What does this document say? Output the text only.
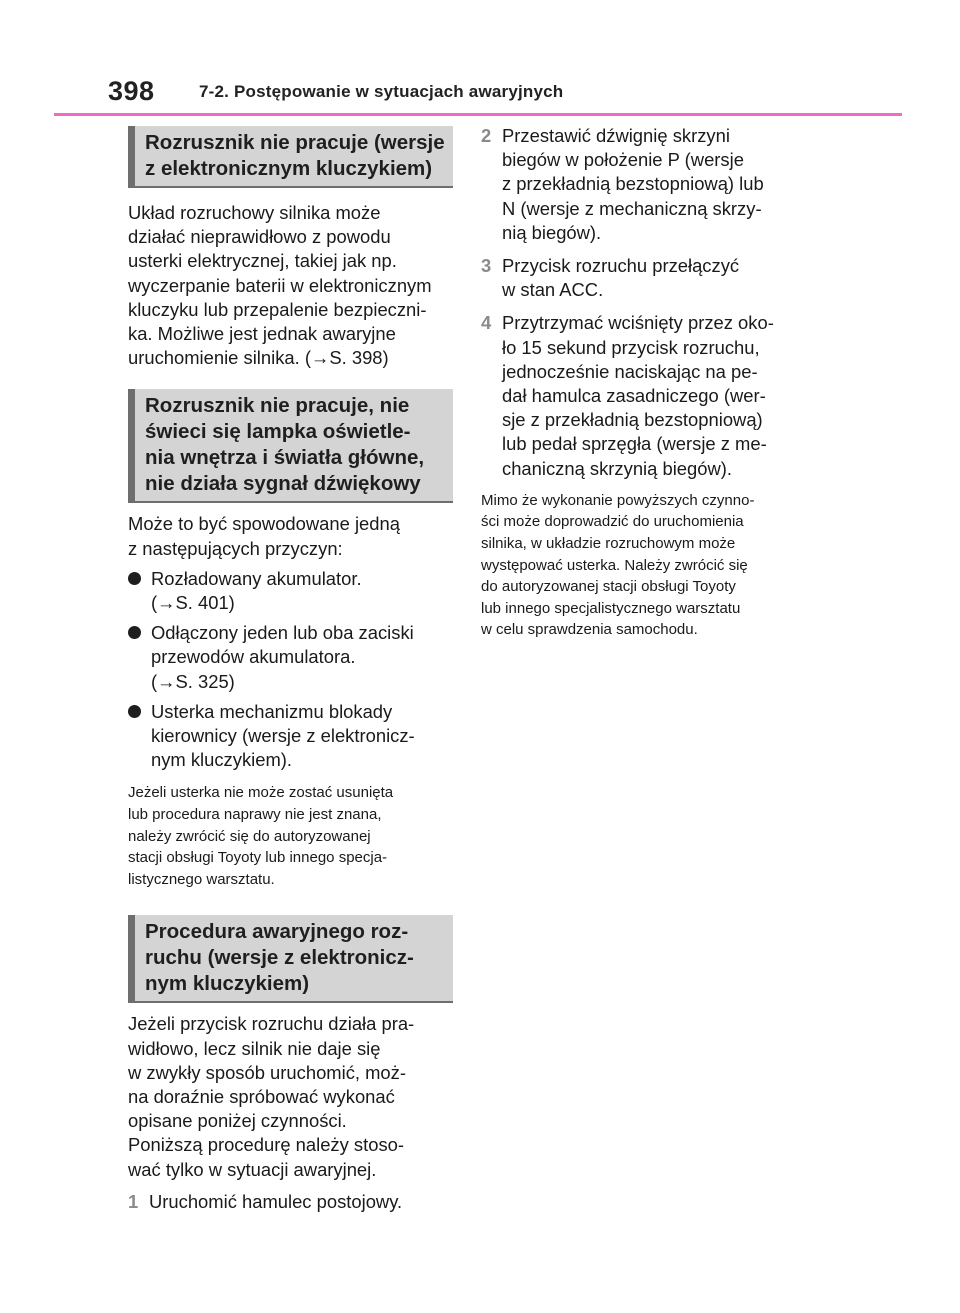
398	7-2. Postępowanie w sytuacjach awaryjnych
Rozrusznik nie pracuje (wersje
z elektronicznym kluczykiem)
Układ rozruchowy silnika może
działać nieprawidłowo z powodu
usterki elektrycznej, takiej jak np.
wyczerpanie baterii w elektronicznym
kluczyku lub przepalenie bezpieczni-
ka. Możliwe jest jednak awaryjne
uruchomienie silnika. (→S. 398)
Rozrusznik nie pracuje, nie
świeci się lampka oświetle-
nia wnętrza i światła główne,
nie działa sygnał dźwiękowy
Może to być spowodowane jedną
z następujących przyczyn:
Rozładowany akumulator.
(→S. 401)
Odłączony jeden lub oba zaciski
przewodów akumulatora.
(→S. 325)
Usterka mechanizmu blokady
kierownicy (wersje z elektronicz-
nym kluczykiem).
Jeżeli usterka nie może zostać usunięta
lub procedura naprawy nie jest znana,
należy zwrócić się do autoryzowanej
stacji obsługi Toyoty lub innego specja-
listycznego warsztatu.
Procedura awaryjnego roz-
ruchu (wersje z elektronicz-
nym kluczykiem)
Jeżeli przycisk rozruchu działa pra-
widłowo, lecz silnik nie daje się
w zwykły sposób uruchomić, moż-
na doraźnie spróbować wykonać
opisane poniżej czynności.
Poniższą procedurę należy stoso-
wać tylko w sytuacji awaryjnej.
1 Uruchomić hamulec postojowy.
2 Przestawić dźwignię skrzyni
biegów w położenie P (wersje
z przekładnią bezstopniową) lub
N (wersje z mechaniczną skrzy-
nią biegów).
3 Przycisk rozruchu przełączyć
w stan ACC.
4 Przytrzymać wciśnięty przez oko-
ło 15 sekund przycisk rozruchu,
jednocześnie naciskając na pe-
dał hamulca zasadniczego (wer-
sje z przekładnią bezstopniową)
lub pedał sprzęgła (wersje z me-
chaniczną skrzynią biegów).
Mimo że wykonanie powyższych czynno-
ści może doprowadzić do uruchomienia
silnika, w układzie rozruchowym może
występować usterka. Należy zwrócić się
do autoryzowanej stacji obsługi Toyoty
lub innego specjalistycznego warsztatu
w celu sprawdzenia samochodu.
